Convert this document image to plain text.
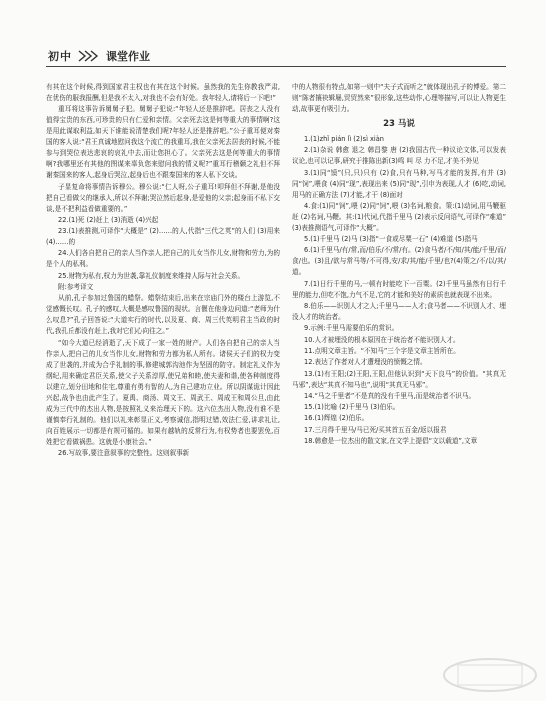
初中	课堂作业

有其在这个时候,得到国家君主权也有其在这个时候。虽然我的先生你教我严肃,在优伤的服我报酬,但是我不太入,对我也不会有好处。我年轻人,请将后一下吧!”

重耳将这事告诉舅舅子犯。舅舅子犯说:“年轻人还是推辞吧。居丧之人没有值得宝贵的东西,可珍贵的只有仁爱和亲情。父亲死去这是何等重大的事情啊?这是用此谋取利益,如天下谁能说清楚我们呢?年轻人还是推辞吧。”公子重耳便对秦国的客人说:“君王真诚地慰问我这个流亡的我重耳,我在父亲死去居丧的时候,不能参与到哭位表达悲哀的哀礼中去,而让您担心了。父亲死去这是何等重大的事情啊?我哪里还有其他的图谋来辜负您来慰问我的情义呢?”重耳行稽颡之礼但不拜谢秦国来的客人,起身后哭泣,起身后也不跟秦国来的客人私下交谈。

子显复命将事情告诉穆公。穆公说:“仁人呀,公子重耳!叩拜但不拜谢,是他没把自己看做父的继承人,所以不拜谢;哭泣然后起身,是爱他的父亲;起身而不私下交谈,是不把利益看做重要的。”

22.(1)死 (2)赶上 (3)消逝 (4)兴起

23.(1)表推测,可译作“大概是” (2)……的人,代指“三代之英”的人们 (3)用来 (4)……的

24.人们各自把自己的亲人当作亲人,把自己的儿女当作儿女,财物和劳力,为的是个人的私利。

25.财物为私有,权力为世袭,靠礼仪制度来维持人际与社会关系。

附:参考译文

从前,孔子参加过鲁国的蜡祭。蜡祭结束后,出来在宗庙门外的楼台上游览,不觉感慨长叹。孔子的感叹,大概是感叹鲁国的现状。言偃在他身边问道:“老师为什么叹息?”孔子回答说:“大道实行的时代,以及夏、商、周三代英明君主当政的时代,我孔丘都没有赶上,我对它们心向往之。”

“如今大道已经消逝了,天下成了一家一姓的财产。人们各自把自己的亲人当作亲人,把自己的儿女当作儿女,财物和劳力都为私人所有。诸侯天子们的权力变成了世袭的,并成为合乎礼制的事,修建城郭沟池作为坚固的防守。制定礼义作为纲纪,用来确定君臣关系,使父子关系淳厚,使兄弟和睦,使夫妻和谐,使各种制度得以建立,划分田地和住宅,尊重有勇有智的人,为自己建功立业。所以阴谋诡计因此兴起,战争也由此产生了。夏禹、商汤、周文王、周武王、周成王和周公旦,由此成为三代中的杰出人物,是按照礼义来治理天下的。这六位杰出人物,没有谁不是谨慎奉行礼制的。他们以礼来彰显正义,考察诚信,指明过错,效法仁爱,讲求礼让,向百姓展示一切都是有规可循的。如果有越轨的反常行为,有权势者也要罢免,百姓把它看做祸患。这就是小康社会。”

26.写故事,要注意叙事的完整性。这则叙事新

中的人物很有特点,如第一则中“夫子式而听之”就体现出孔子的博爱。第二则“陈者攘袂辑屦,贸贸然来”很形象,这些动作,心理等描写,可以让人物更生动,故事更有吸引力。

23 马说

1.(1)zhǐ pián lì (2)sì xiàn

2.(1)杂说 韩愈 退之 韩昌黎 唐 (2)我国古代一种议论文体,可以发表议论,也可以记事,研究于推陈出新(3)鸣 叫 尽 力不足,才美不外见

3.(1)同“馍”(只,只)只有 (2)食,只有马种,写马才能的发挥,有并 (3)同“饲”,喂食 (4)同“现”,表现出来 (5)同“现”,引申为表现,人才 (6)吃,动词,用马的正确方法 (7)才能,才干 (8)面对

4.食:(1)同“饲”,喂 (2)同“饲”,喂 (3)名词,粮食。策:(1)动词,用马鞭驱赶 (2)名词,马鞭。其:(1)代词,代指千里马 (2)表示反问语气,可译作“难道” (3)表推测语气,可译作“大概”。

5.(1)千里马 (2)马 (3)指“一食或尽粟一石” (4)难道 (5)指马

6.(1)千里马/有/常,而/伯乐/不/常/有。(2)食马者/不/知/其/能/千里/而/食/也。(3)且/欲与常马等/不可得,安/求/其/能/千里/也?(4)策之/不/以/其/道。

7.(1)日行千里的马,一顿有时能吃下一百粟。(2)千里马虽然有日行千里的能力,但吃不饱,力气不足,它的才能和美好的素质也就表现不出来。

8.伯乐——识别人才之人;千里马——人才;食马者——不识别人才、埋没人才的统治者。

9.示例:千里马需要伯乐的赏识。

10.人才被埋没的根本原因在于统治者不能识别人才。

11.点明文章主旨。“不知马”三个字是文章主旨所在。

12.表达了作者对人才遭埋没的愤慨之情。

13.(1)有王阳;(2)王阳,王阳,但他认识到“天下良马”的价值。“其真无马邪”,表达“其真不知马也”,说明“其真无马邪”。

14.“马之千里者”不是真的没有千里马,而是统治者不识马。

15.(1)比喻 (2)千里马 (3)伯乐。

16.(1)辉煌 (2)伯乐。

17.三月得千里马/马已死/买其首五百金/返以报君

18.韩愈是一位杰出的散文家,在文学上提倡“文以载道”,文章
